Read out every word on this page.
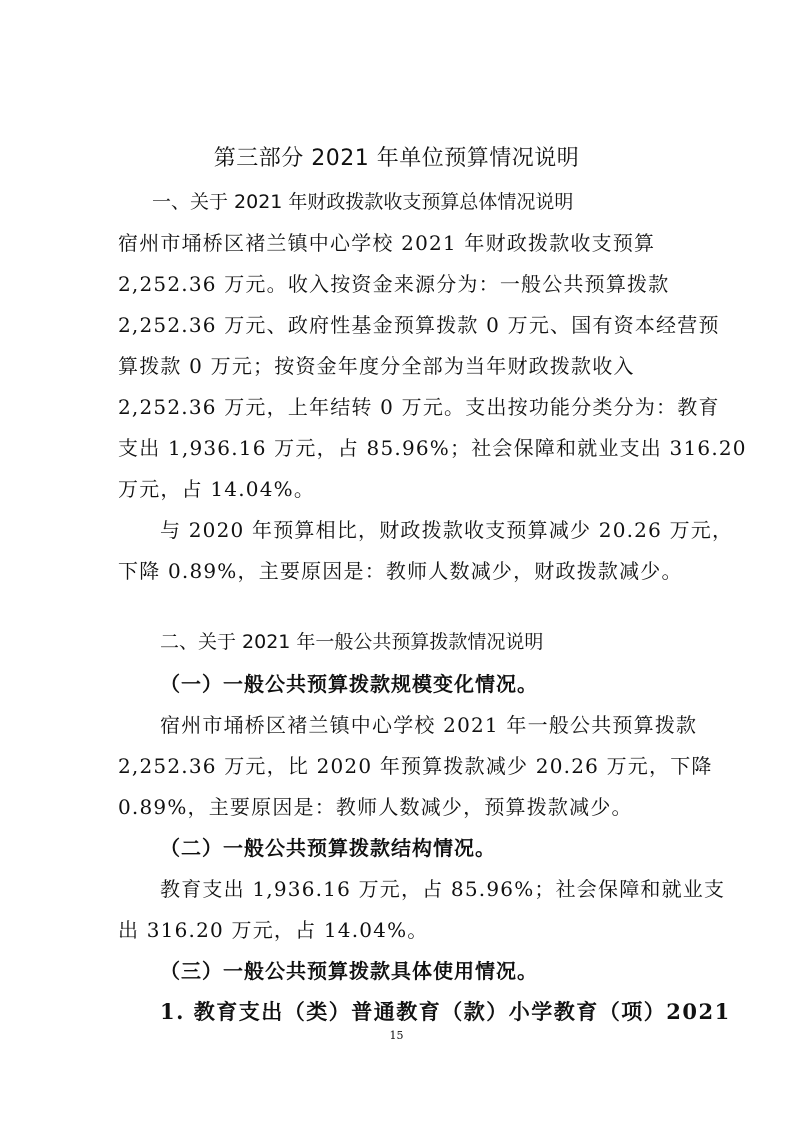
第三部分 2021 年单位预算情况说明

一、关于 2021 年财政拨款收支预算总体情况说明

宿州市埇桥区褚兰镇中心学校 2021 年财政拨款收支预算

2,252.36 万元。收入按资金来源分为：一般公共预算拨款

2,252.36 万元、政府性基金预算拨款 0 万元、国有资本经营预

算拨款 0 万元；按资金年度分全部为当年财政拨款收入

2,252.36 万元，上年结转 0 万元。支出按功能分类分为：教育

支出 1,936.16 万元，占 85.96%；社会保障和就业支出 316.20

万元，占 14.04%。

与 2020 年预算相比，财政拨款收支预算减少 20.26 万元，

下降 0.89%，主要原因是：教师人数减少，财政拨款减少。

二、关于 2021 年一般公共预算拨款情况说明

（一）一般公共预算拨款规模变化情况。

宿州市埇桥区褚兰镇中心学校 2021 年一般公共预算拨款

2,252.36 万元，比 2020 年预算拨款减少 20.26 万元，下降

0.89%，主要原因是：教师人数减少，预算拨款减少。

（二）一般公共预算拨款结构情况。

教育支出 1,936.16 万元，占 85.96%；社会保障和就业支

出 316.20 万元，占 14.04%。

（三）一般公共预算拨款具体使用情况。

1. 教育支出（类）普通教育（款）小学教育（项）2021

15
